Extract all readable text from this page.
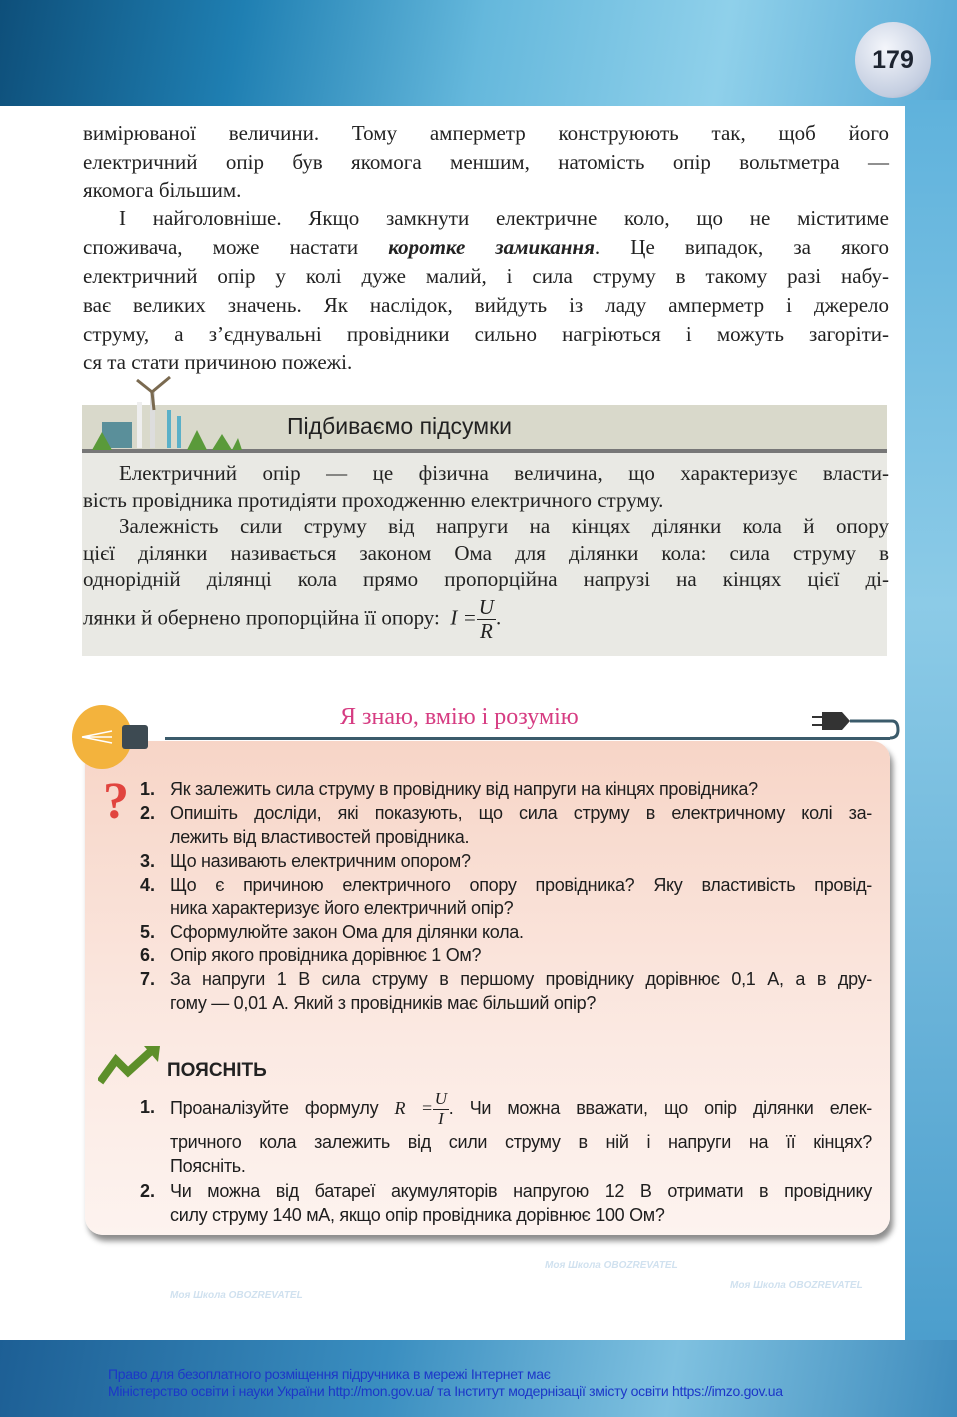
179
вимірюваної величини. Тому амперметр конструюють так, щоб його
електричний опір був якомога меншим, натомість опір вольтметра —
якомога більшим.
І найголовніше. Якщо замкнути електричне коло, що не міститиме
споживача, може настати коротке замикання. Це випадок, за якого
електричний опір у колі дуже малий, і сила струму в такому разі набу-
ває великих значень. Як наслідок, вийдуть із ладу амперметр і джерело
струму, а з’єднувальні провідники сильно нагріються і можуть загоріти-
ся та стати причиною пожежі.
Підбиваємо підсумки
Електричний опір — це фізична величина, що характеризує власти-
вість провідника протидіяти проходженню електричного струму.
Залежність сили струму від напруги на кінцях ділянки кола й опору
цієї ділянки називається законом Ома для ділянки кола: сила струму в
однорідній ділянці кола прямо пропорційна напрузі на кінцях цієї ді-
лянки й обернено пропорційна її опору: $I = \frac{U}{R}$ .
Я знаю, вмію і розумію
? 1. Як залежить сила струму в провіднику від напруги на кінцях провідника?
2. Опишіть досліди, які показують, що сила струму в електричному колі за-
лежить від властивостей провідника.
3. Що називають електричним опором?
4. Що є причиною електричного опору провідника? Яку властивість провід-
ника характеризує його електричний опір?
5. Сформулюйте закон Ома для ділянки кола.
6. Опір якого провідника дорівнює 1 Ом?
7. За напруги 1 В сила струму в першому провіднику дорівнює 0,1 А, а в дру-
гому — 0,01 А. Який з провідників має більший опір?
ПОЯСНІТЬ
1. Проаналізуйте формулу $R = \frac{U}{I}$ . Чи можна вважати, що опір ділянки елек-
тричного кола залежить від сили струму в ній і напруги на її кінцях?
Поясніть.
2. Чи можна від батареї акумуляторів напругою 12 В отримати в провіднику
силу струму 140 мА, якщо опір провідника дорівнює 100 Ом?
Моя Школа OBOZREVATEL
Моя Школа OBOZREVATEL
Моя Школа OBOZREVATEL
Право для безоплатного розміщення підручника в мережі Інтернет має
Міністерство освіти і науки України http://mon.gov.ua/ та Інститут модернізації змісту освіти https://imzo.gov.ua
